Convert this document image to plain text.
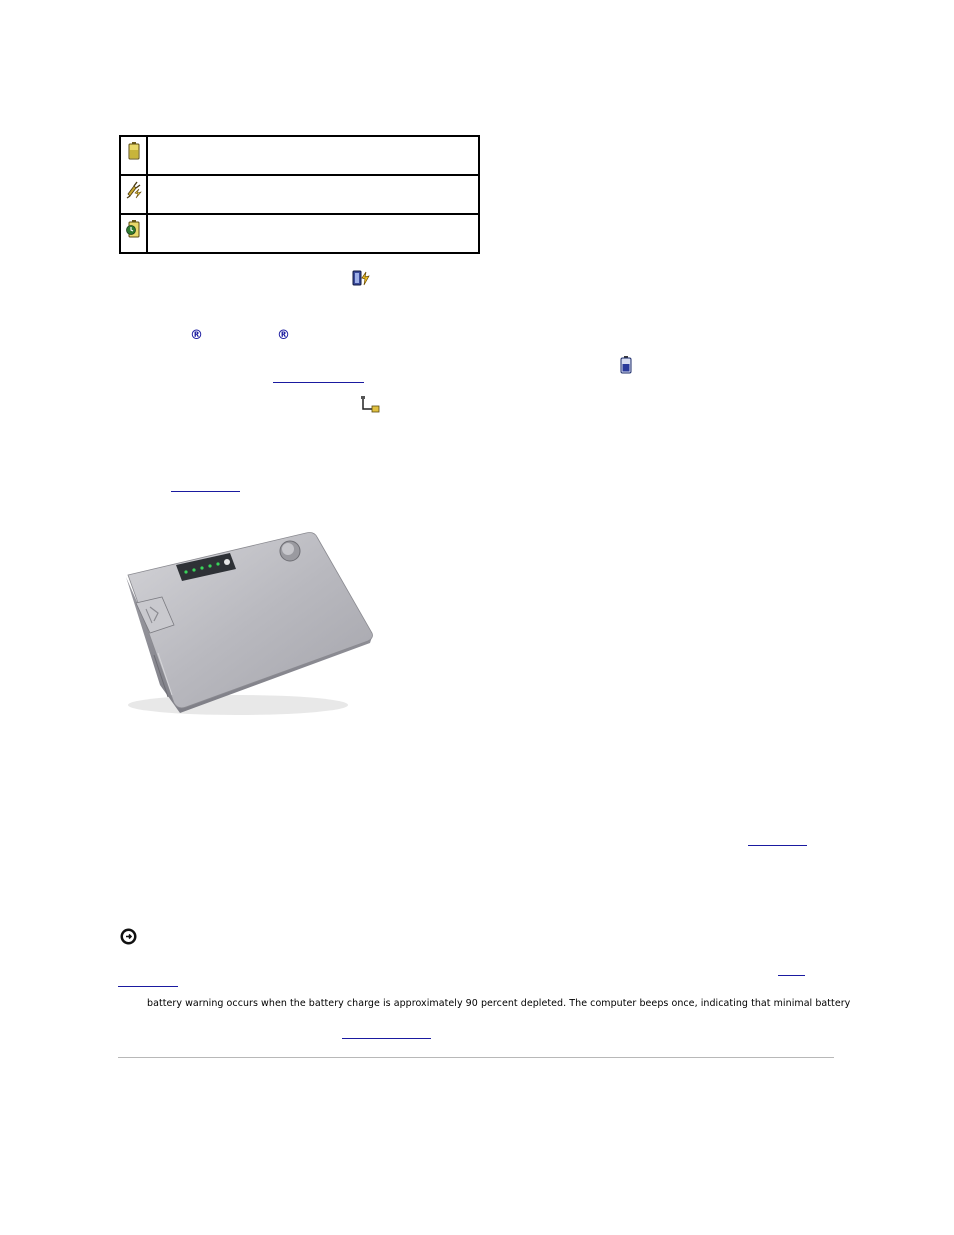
®	®
battery warning occurs when the battery charge is approximately 90 percent depleted. The computer beeps once, indicating that minimal battery
